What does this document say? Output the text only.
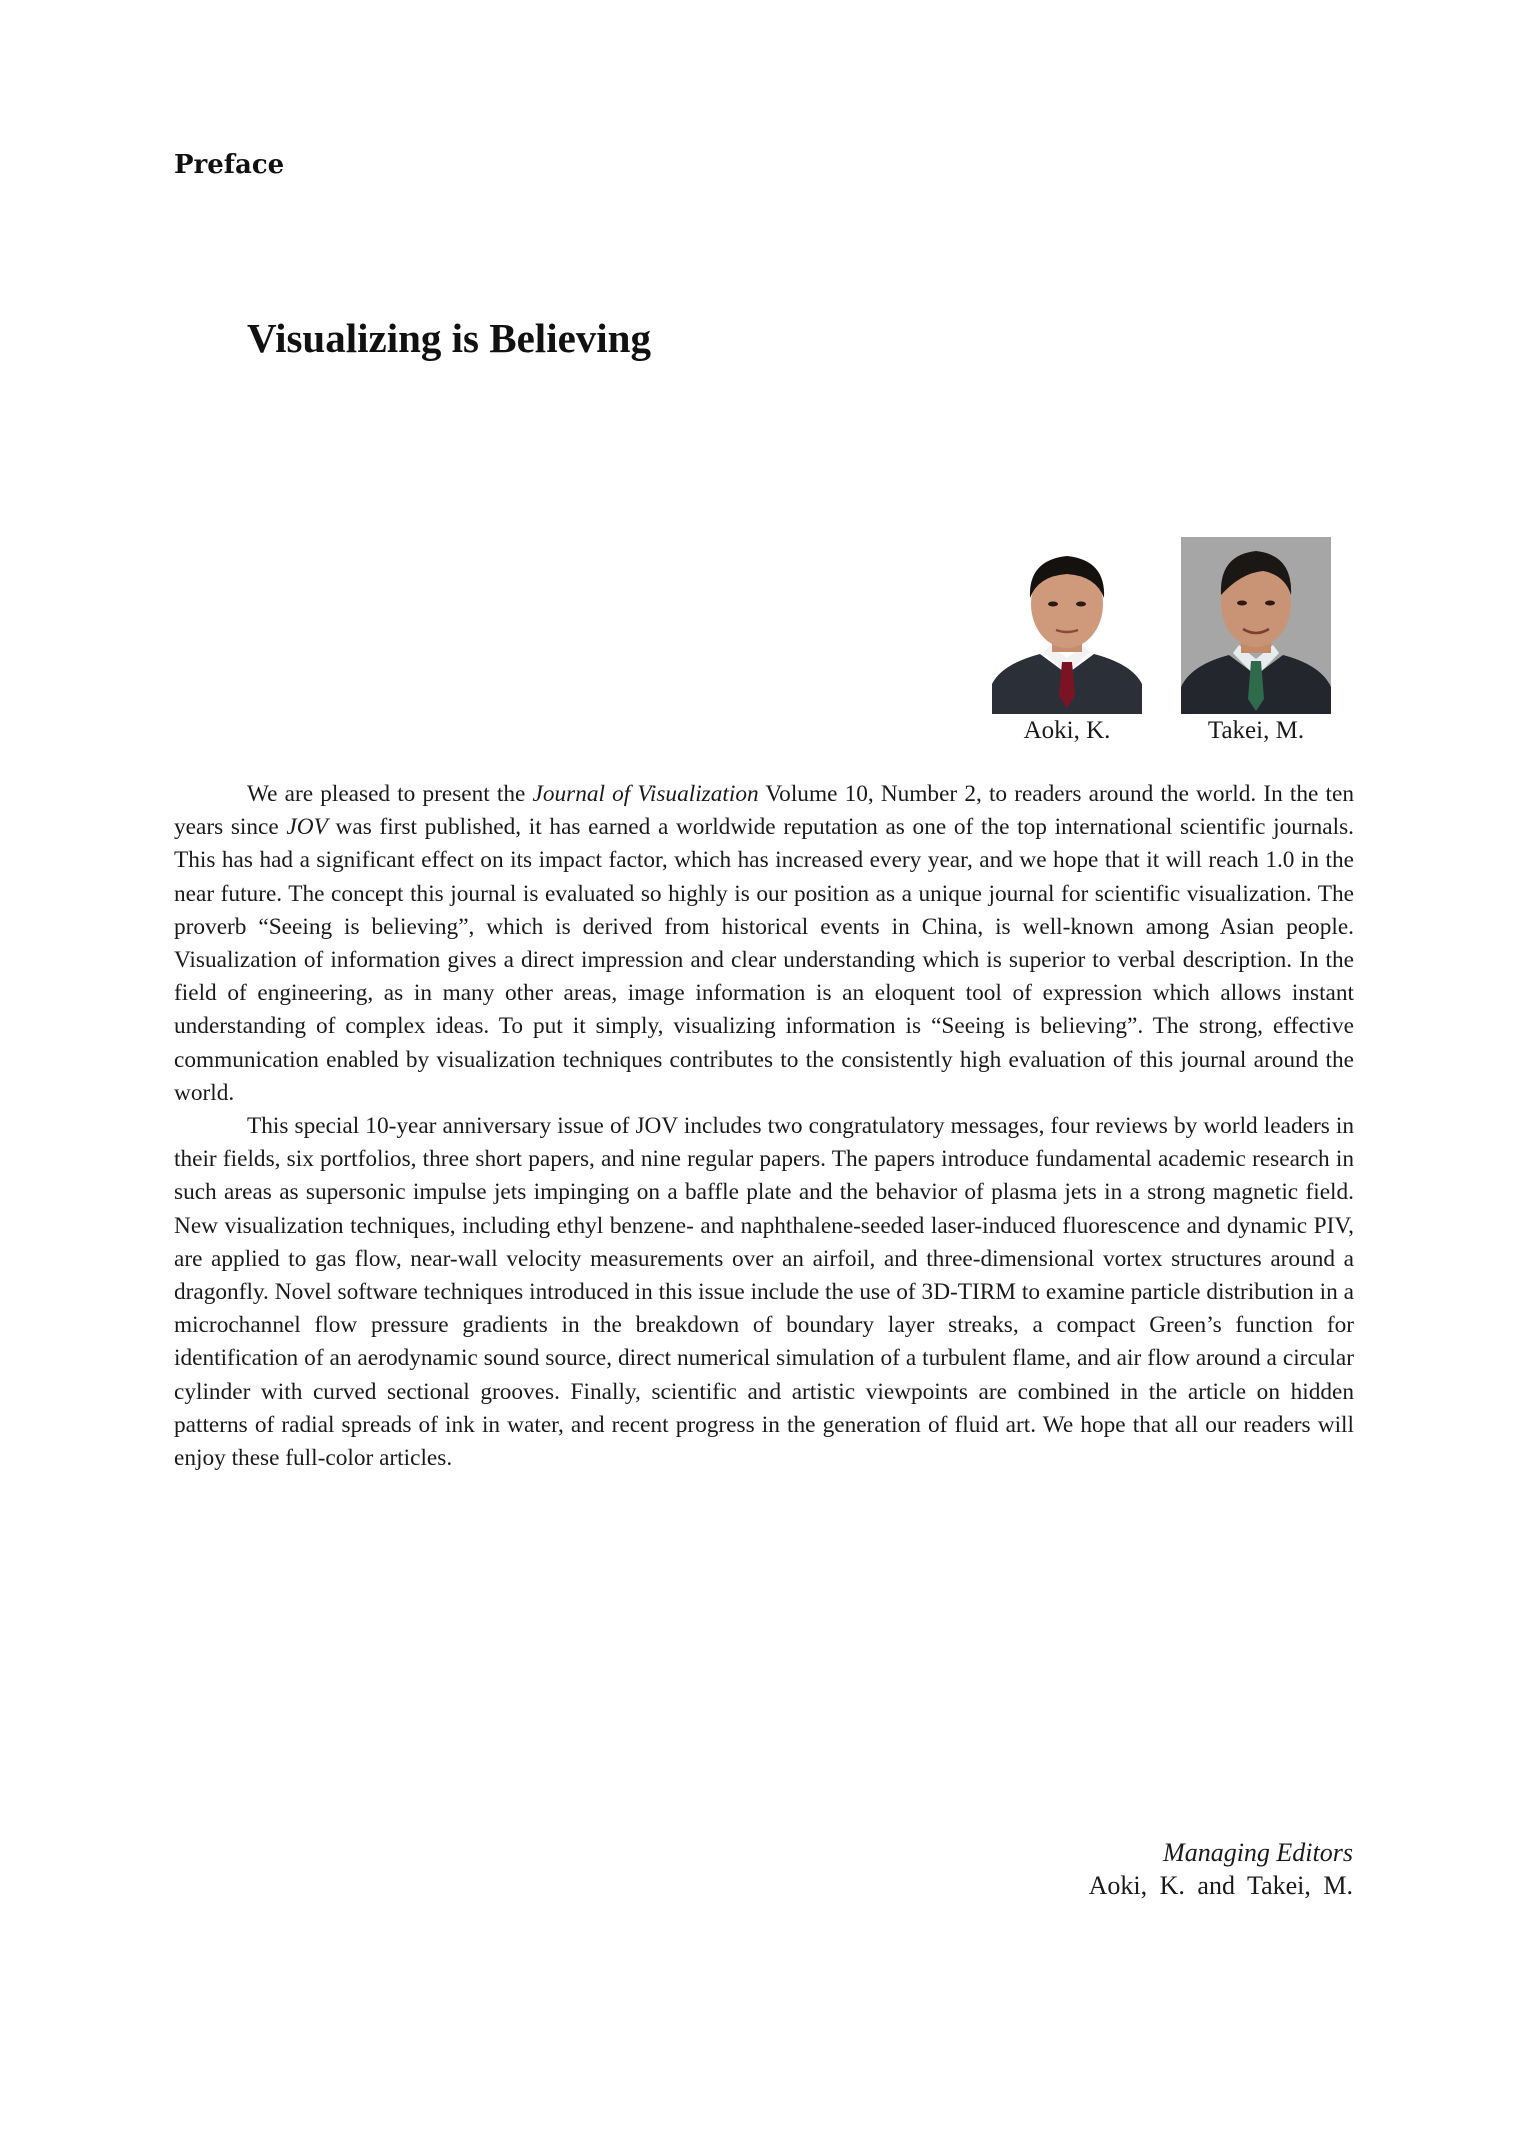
Preface
Visualizing is Believing
Aoki, K.	Takei, M.

We are pleased to present the Journal of Visualization Volume 10, Number 2, to readers around the world. In the ten years since JOV was first published, it has earned a worldwide reputation as one of the top international scientific journals. This has had a significant effect on its impact factor, which has increased every year, and we hope that it will reach 1.0 in the near future. The concept this journal is evaluated so highly is our position as a unique journal for scientific visualization. The proverb “Seeing is believing”, which is derived from historical events in China, is well-known among Asian people. Visualization of information gives a direct impression and clear understanding which is superior to verbal description. In the field of engineering, as in many other areas, image information is an eloquent tool of expression which allows instant understanding of complex ideas. To put it simply, visualizing information is “Seeing is believing”. The strong, effective communication enabled by visualization techniques contributes to the consistently high evaluation of this journal around the world.

This special 10-year anniversary issue of JOV includes two congratulatory messages, four reviews by world leaders in their fields, six portfolios, three short papers, and nine regular papers. The papers introduce fundamental academic research in such areas as supersonic impulse jets impinging on a baffle plate and the behavior of plasma jets in a strong magnetic field. New visualization techniques, including ethyl benzene- and naphthalene-seeded laser-induced fluorescence and dynamic PIV, are applied to gas flow, near-wall velocity measurements over an airfoil, and three-dimensional vortex structures around a dragonfly. Novel software techniques introduced in this issue include the use of 3D-TIRM to examine particle distribution in a microchannel flow pressure gradients in the breakdown of boundary layer streaks, a compact Green’s function for identification of an aerodynamic sound source, direct numerical simulation of a turbulent flame, and air flow around a circular cylinder with curved sectional grooves. Finally, scientific and artistic viewpoints are combined in the article on hidden patterns of radial spreads of ink in water, and recent progress in the generation of fluid art. We hope that all our readers will enjoy these full-color articles.

Managing Editors
Aoki, K. and Takei, M.
